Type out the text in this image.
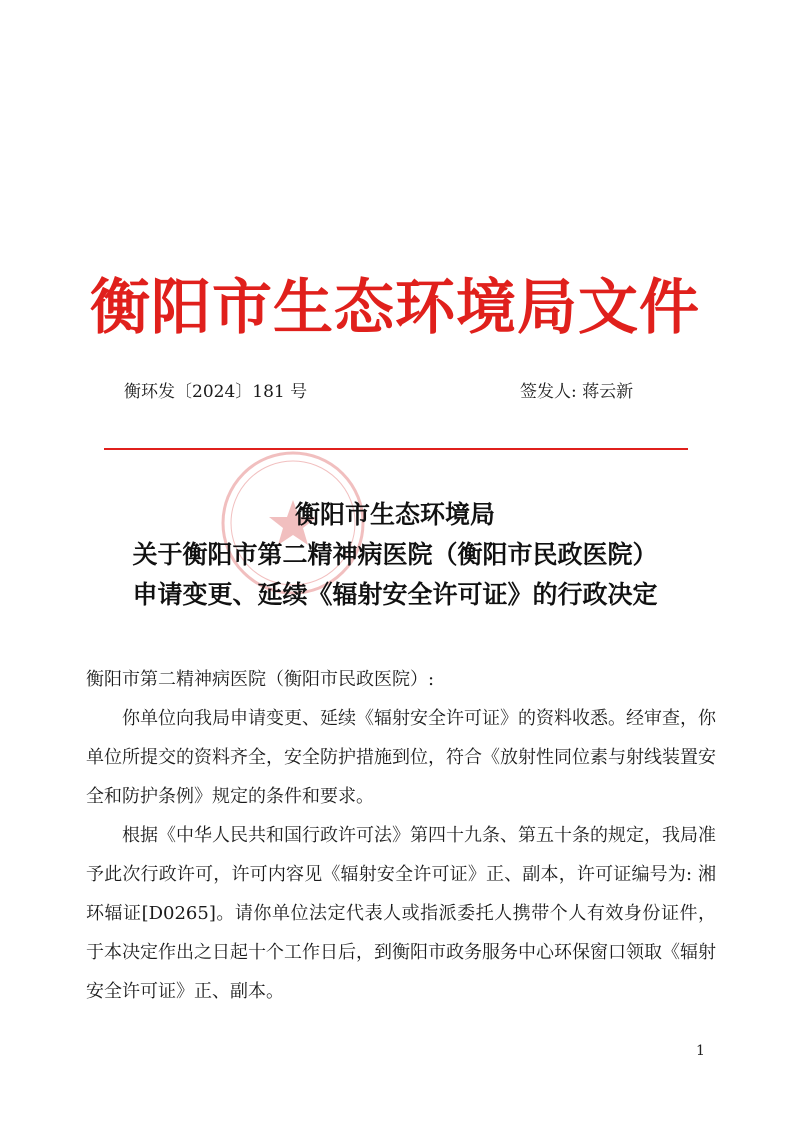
衡阳市生态环境局文件
衡环发〔2024〕181 号	签发人: 蒋云新
衡阳市生态环境局
关于衡阳市第二精神病医院（衡阳市民政医院）
申请变更、延续《辐射安全许可证》的行政决定

衡阳市第二精神病医院（衡阳市民政医院）:

你单位向我局申请变更、延续《辐射安全许可证》的资料收悉。经审查，你单位所提交的资料齐全，安全防护措施到位，符合《放射性同位素与射线装置安全和防护条例》规定的条件和要求。

根据《中华人民共和国行政许可法》第四十九条、第五十条的规定，我局准予此次行政许可，许可内容见《辐射安全许可证》正、副本，许可证编号为: 湘环辐证[D0265]。请你单位法定代表人或指派委托人携带个人有效身份证件，于本决定作出之日起十个工作日后，到衡阳市政务服务中心环保窗口领取《辐射安全许可证》正、副本。

1
